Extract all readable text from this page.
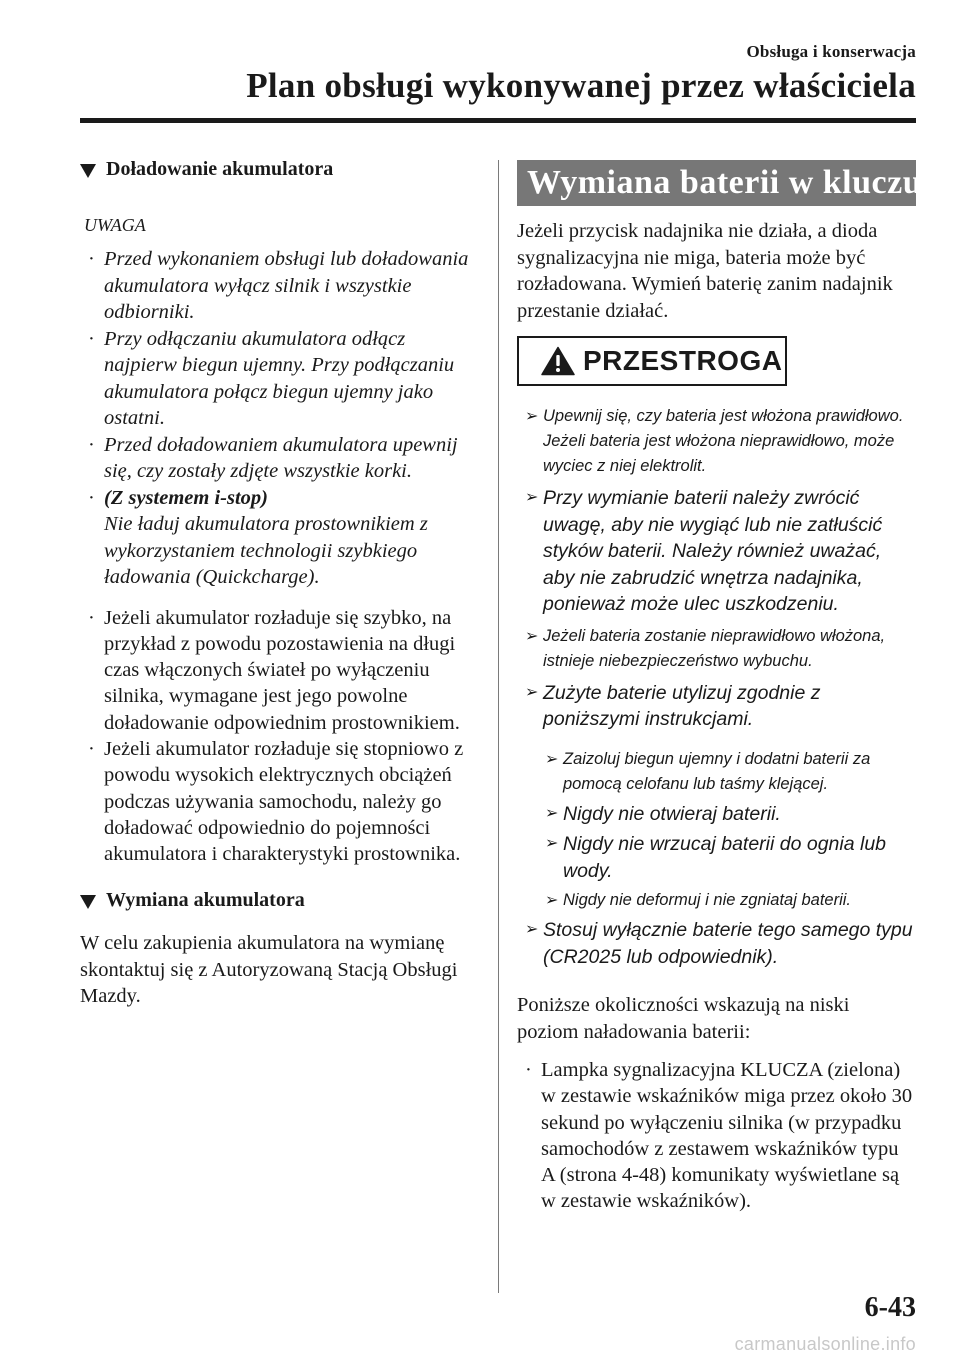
Obsługa i konserwacja
Plan obsługi wykonywanej przez właściciela
Doładowanie akumulatora
UWAGA
· Przed wykonaniem obsługi lub doładowania akumulatora wyłącz silnik i wszystkie odbiorniki.
· Przy odłączaniu akumulatora odłącz najpierw biegun ujemny. Przy podłączaniu akumulatora połącz biegun ujemny jako ostatni.
· Przed doładowaniem akumulatora upewnij się, czy zostały zdjęte wszystkie korki.
· (Z systemem i-stop)
Nie ładuj akumulatora prostownikiem z wykorzystaniem technologii szybkiego ładowania (Quickcharge).
· Jeżeli akumulator rozładuje się szybko, na przykład z powodu pozostawienia na długi czas włączonych świateł po wyłączeniu silnika, wymagane jest jego powolne doładowanie odpowiednim prostownikiem.
· Jeżeli akumulator rozładuje się stopniowo z powodu wysokich elektrycznych obciążeń podczas używania samochodu, należy go doładować odpowiednio do pojemności akumulatora i charakterystyki prostownika.
Wymiana akumulatora

W celu zakupienia akumulatora na wymianę skontaktuj się z Autoryzowaną Stacją Obsługi Mazdy.

Wymiana baterii w kluczu

Jeżeli przycisk nadajnika nie działa, a dioda sygnalizacyjna nie miga, bateria może być rozładowana. Wymień baterię zanim nadajnik przestanie działać.

PRZESTROGA
➢ Upewnij się, czy bateria jest włożona prawidłowo. Jeżeli bateria jest włożona nieprawidłowo, może wyciec z niej elektrolit.
➢ Przy wymianie baterii należy zwrócić uwagę, aby nie wygiąć lub nie zatłuścić styków baterii. Należy również uważać, aby nie zabrudzić wnętrza nadajnika, ponieważ może ulec uszkodzeniu.
➢ Jeżeli bateria zostanie nieprawidłowo włożona, istnieje niebezpieczeństwo wybuchu.
➢ Zużyte baterie utylizuj zgodnie z poniższymi instrukcjami.
➢ Zaizoluj biegun ujemny i dodatni baterii za pomocą celofanu lub taśmy klejącej.
➢ Nigdy nie otwieraj baterii.
➢ Nigdy nie wrzucaj baterii do ognia lub wody.
➢ Nigdy nie deformuj i nie zgniataj baterii.
➢ Stosuj wyłącznie baterie tego samego typu (CR2025 lub odpowiednik).

Poniższe okoliczności wskazują na niski poziom naładowania baterii:

· Lampka sygnalizacyjna KLUCZA (zielona) w zestawie wskaźników miga przez około 30 sekund po wyłączeniu silnika (w przypadku samochodów z zestawem wskaźników typu A (strona 4-48) komunikaty wyświetlane są w zestawie wskaźników).
6-43
carmanualsonline.info
